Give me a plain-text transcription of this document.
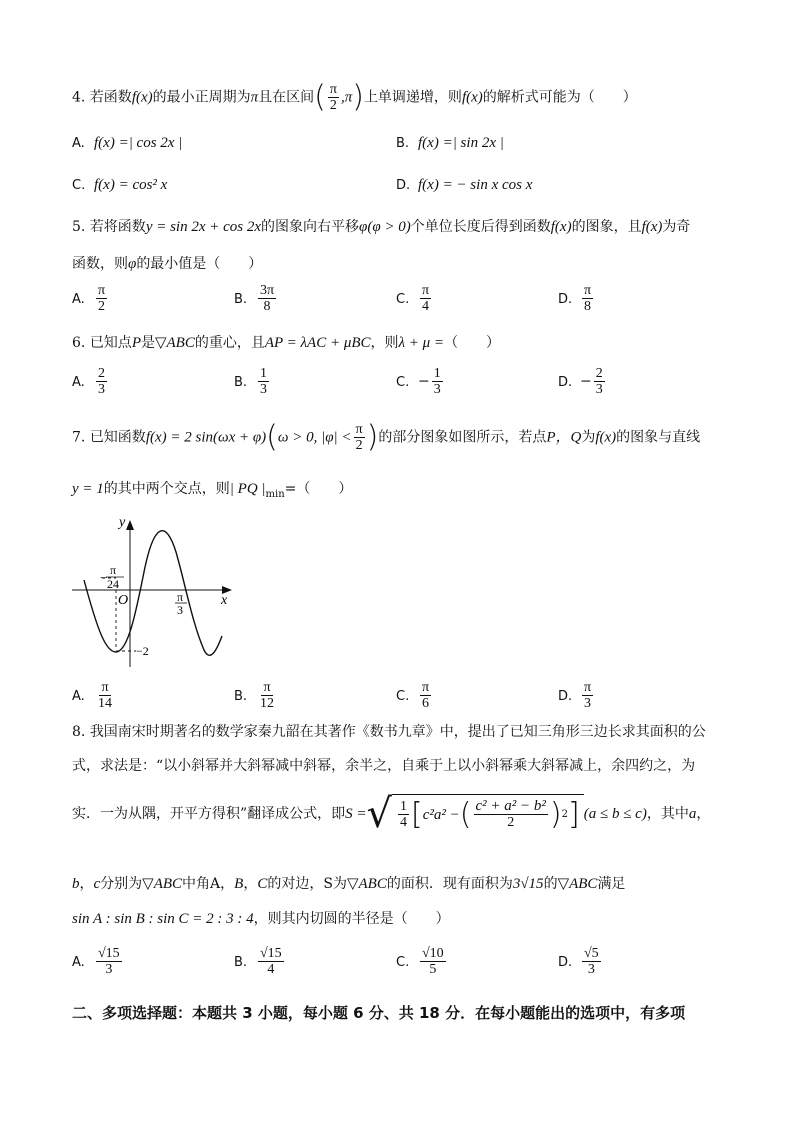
4. 若函数f(x)的最小正周期为π且在区间( $\frac{\pi}{2} ,\pi$)上单调递增，则f(x)的解析式可能为（　　）
A. f(x) =| cos 2x |	B. f(x) =| sin 2x |
C. f(x) = cos² x	D. f(x) = − sin x cos x
5. 若将函数y = sin 2x + cos 2x的图象向右平移φ(φ > 0)个单位长度后得到函数f(x)的图象，且f(x)为奇
函数，则φ的最小值是（　　）
A. $\frac{\pi}{2}$	B. $\frac{3\pi}{8}$	C. $\frac{\pi}{4}$	D. $\frac{\pi}{8}$
6. 已知点P是▽ABC的重心，且AP = λAC + μBC，则λ + μ =（　　）
A. $\frac{2}{3}$	B. $\frac{1}{3}$	C. − $\frac{1}{3}$	D. − $\frac{2}{3}$
7. 已知函数f(x) = 2 sin(ωx + φ)(ω > 0, $|\varphi| < \frac{\pi}{2}$ )的部分图象如图所示，若点P，Q为f(x)的图象与直线
y = 1的其中两个交点，则| PQ $|_{min}=$（　　）
y
x
O
− π
24
π
3
−2
A. $\frac{\pi}{14}$	B. $\frac{\pi}{12}$	C. $\frac{\pi}{6}$	D. $\frac{\pi}{3}$
8. 我国南宋时期著名的数学家秦九韶在其著作《数书九章》中，提出了已知三角形三边长求其面积的公
式，求法是：“以小斜幂并大斜幂减中斜幂，余半之，自乘于上以小斜幂乘大斜幂减上，余四约之，为
实．一为从隅，开平方得积”翻译成公式，即 S = √ $\frac{1}{4}$ [ c²a² − ( $\frac{\text{c² + a² − b²}}{2}$ ) 2 ] (a ≤ b ≤ c) ，其中 a ，
b，c分别为▽ABC中角A，B，C的对边，S为▽ABC的面积．现有面积为3√15的▽ABC满足
sin A : sin B : sin C = 2 : 3 : 4，则其内切圆的半径是（　　）
A. $\frac{√15}{3}$	B. $\frac{√15}{4}$	C. $\frac{√10}{5}$	D. $\frac{√5}{3}$
二、多项选择题：本题共 3 小题，每小题 6 分、共 18 分．在每小题能出的选项中，有多项
